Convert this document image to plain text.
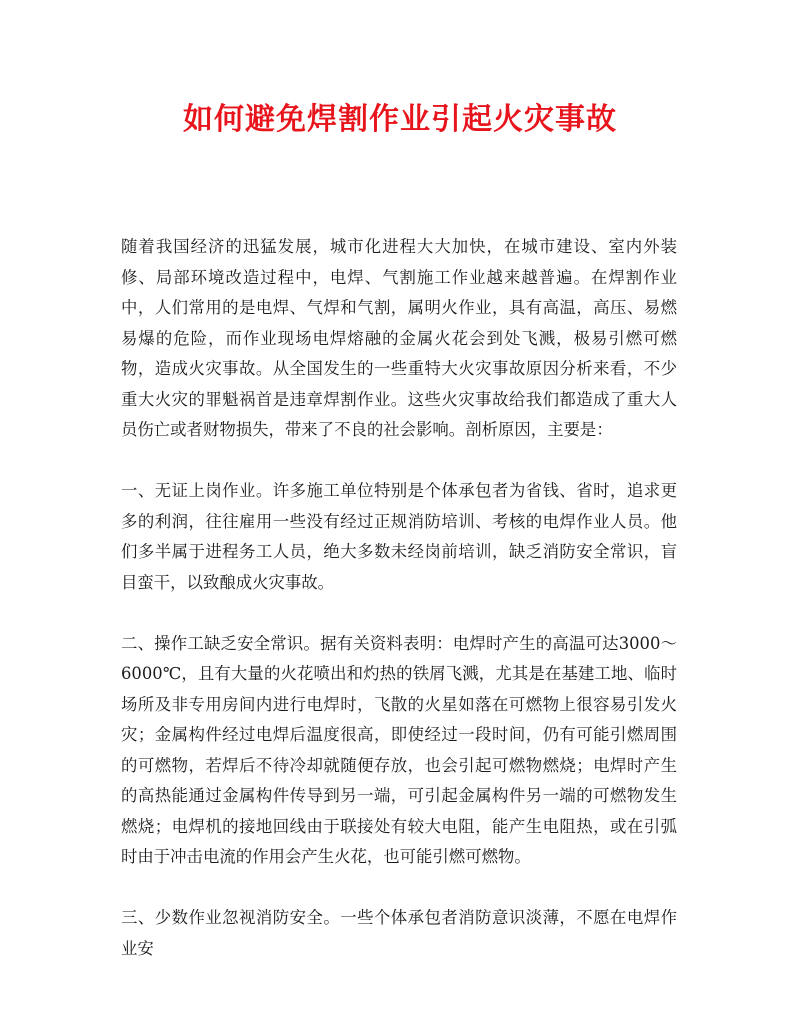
如何避免焊割作业引起火灾事故

随着我国经济的迅猛发展，城市化进程大大加快，在城市建设、室内外装修、局部环境改造过程中，电焊、气割施工作业越来越普遍。在焊割作业中，人们常用的是电焊、气焊和气割，属明火作业，具有高温，高压、易燃易爆的危险，而作业现场电焊熔融的金属火花会到处飞溅，极易引燃可燃物，造成火灾事故。从全国发生的一些重特大火灾事故原因分析来看，不少重大火灾的罪魁祸首是违章焊割作业。这些火灾事故给我们都造成了重大人员伤亡或者财物损失，带来了不良的社会影响。剖析原因，主要是：

一、无证上岗作业。许多施工单位特别是个体承包者为省钱、省时，追求更多的利润，往往雇用一些没有经过正规消防培训、考核的电焊作业人员。他们多半属于进程务工人员，绝大多数未经岗前培训，缺乏消防安全常识，盲目蛮干，以致酿成火灾事故。

二、操作工缺乏安全常识。据有关资料表明：电焊时产生的高温可达3000～6000℃，且有大量的火花喷出和灼热的铁屑飞溅，尤其是在基建工地、临时场所及非专用房间内进行电焊时，飞散的火星如落在可燃物上很容易引发火灾；金属构件经过电焊后温度很高，即使经过一段时间，仍有可能引燃周围的可燃物，若焊后不待冷却就随便存放，也会引起可燃物燃烧；电焊时产生的高热能通过金属构件传导到另一端，可引起金属构件另一端的可燃物发生燃烧；电焊机的接地回线由于联接处有较大电阻，能产生电阻热，或在引弧时由于冲击电流的作用会产生火花，也可能引燃可燃物。

三、少数作业忽视消防安全。一些个体承包者消防意识淡薄，不愿在电焊作业安
